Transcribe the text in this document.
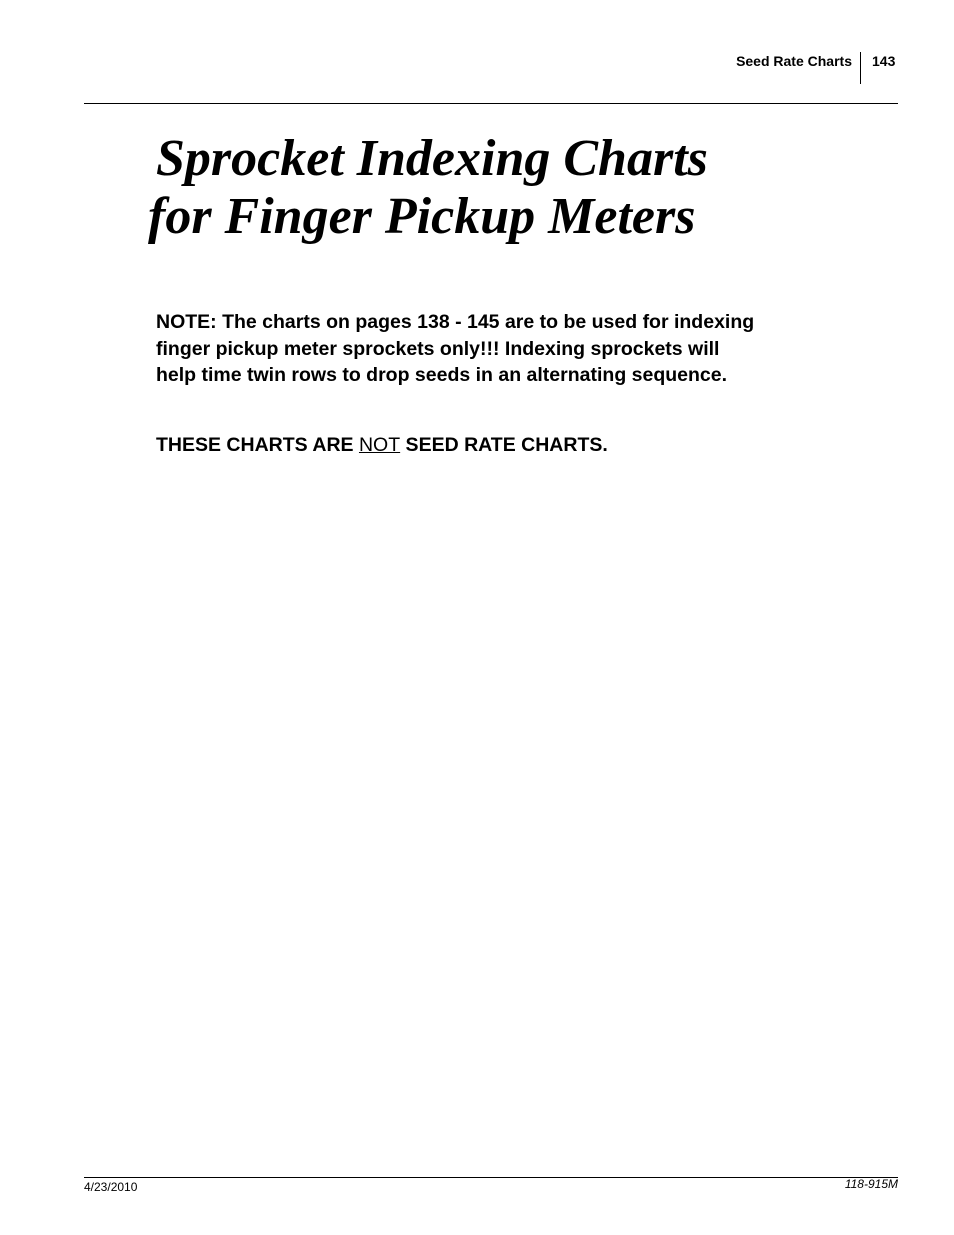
Seed Rate Charts 143
Sprocket Indexing Charts
for Finger Pickup Meters

NOTE: The charts on pages 138 - 145 are to be used for indexing
finger pickup meter sprockets only!!! Indexing sprockets will
help time twin rows to drop seeds in an alternating sequence.

THESE CHARTS ARE NOT SEED RATE CHARTS.

4/23/2010	118-915M
